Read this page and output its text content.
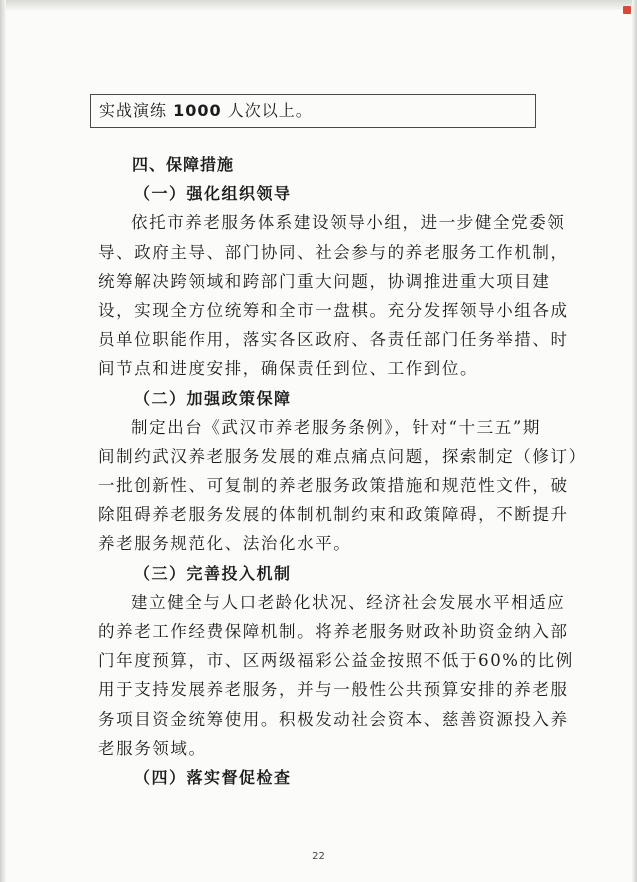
实战演练 1000 人次以上。
四、保障措施
（一）强化组织领导
依托市养老服务体系建设领导小组，进一步健全党委领
导、政府主导、部门协同、社会参与的养老服务工作机制，
统筹解决跨领域和跨部门重大问题，协调推进重大项目建
设，实现全方位统筹和全市一盘棋。充分发挥领导小组各成
员单位职能作用，落实各区政府、各责任部门任务举措、时
间节点和进度安排，确保责任到位、工作到位。
（二）加强政策保障
制定出台《武汉市养老服务条例》，针对“十三五”期
间制约武汉养老服务发展的难点痛点问题，探索制定（修订）
一批创新性、可复制的养老服务政策措施和规范性文件，破
除阻碍养老服务发展的体制机制约束和政策障碍，不断提升
养老服务规范化、法治化水平。
（三）完善投入机制
建立健全与人口老龄化状况、经济社会发展水平相适应
的养老工作经费保障机制。将养老服务财政补助资金纳入部
门年度预算，市、区两级福彩公益金按照不低于60%的比例
用于支持发展养老服务，并与一般性公共预算安排的养老服
务项目资金统筹使用。积极发动社会资本、慈善资源投入养
老服务领域。
（四）落实督促检查
22
